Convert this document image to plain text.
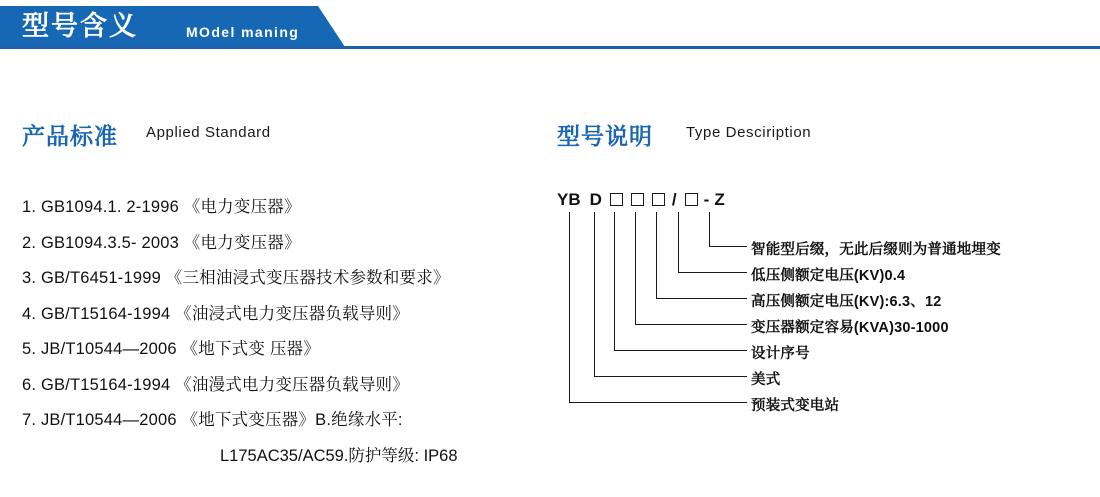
型号含义	MOdel maning
产品标准 Applied Standard	型号说明 Type Desciription
1. GB1094.1. 2-1996 《电力变压器》
2. GB1094.3.5- 2003 《电力变压器》
3. GB/T6451-1999 《三相油浸式变压器技术参数和要求》
4. GB/T15164-1994 《油浸式电力变压器负载导则》
5. JB/T10544—2006 《地下式变 压器》
6. GB/T15164-1994 《油漫式电力变压器负载导则》
7. JB/T10544—2006 《地下式变压器》B.绝缘水平:
L175AC35/AC59.防护等级: IP68
YB D	/ - Z
智能型后缀，无此后缀则为普通地埋变
低压侧额定电压(KV)0.4
高压侧额定电压(KV):6.3、12
变压器额定容易(KVA)30-1000
设计序号
美式
预装式变电站
